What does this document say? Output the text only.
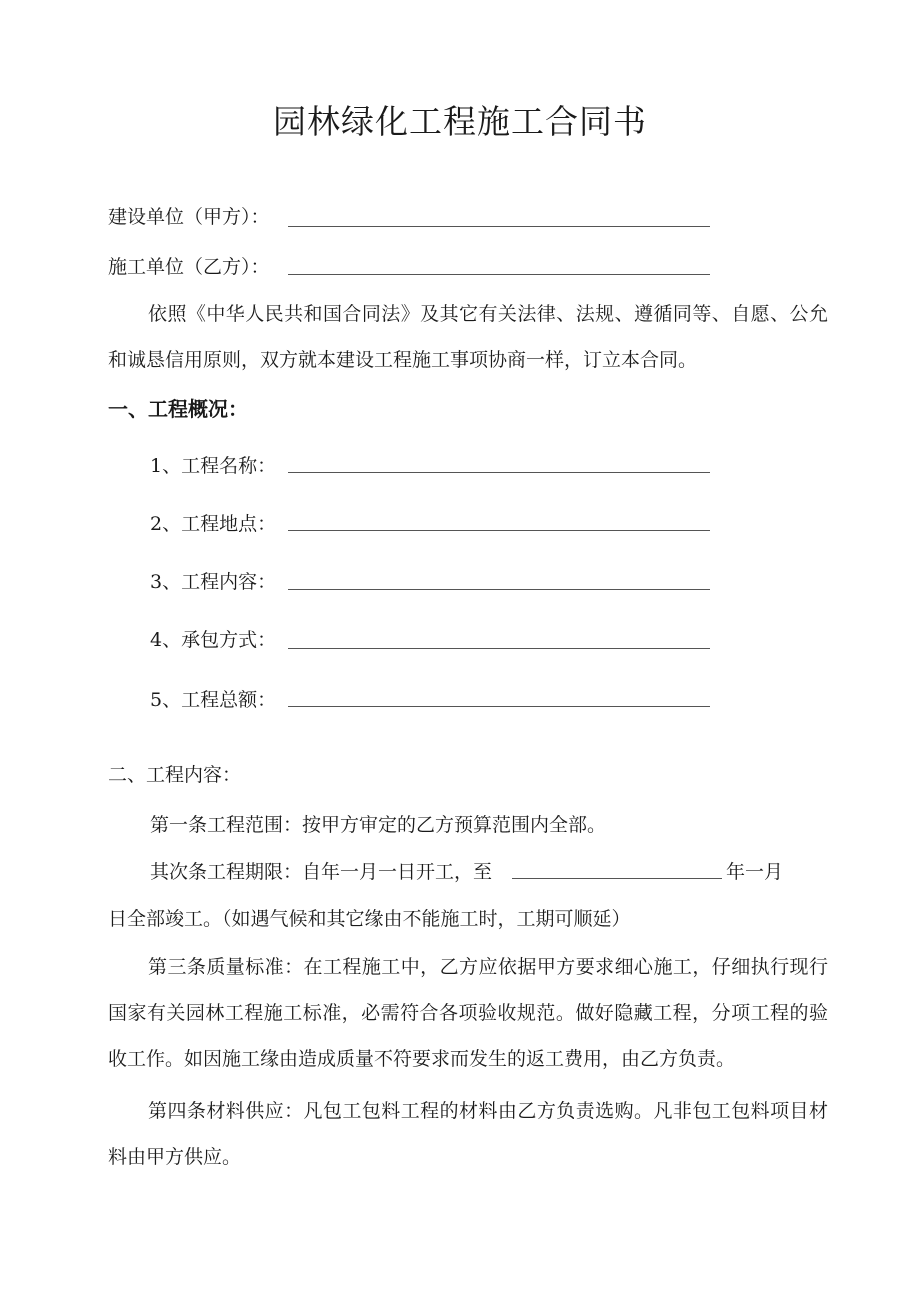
园林绿化工程施工合同书
建设单位（甲方）：
施工单位（乙方）：
依照《中华人民共和国合同法》及其它有关法律、法规、遵循同等、自愿、公允和诚恳信用原则，双方就本建设工程施工事项协商一样，订立本合同。
一、工程概况：
1、工程名称：
2、工程地点：
3、工程内容：
4、承包方式：
5、工程总额：
二、工程内容：
第一条工程范围：按甲方审定的乙方预算范围内全部。
其次条工程期限：自年一月一日开工，至	年一月
日全部竣工。（如遇气候和其它缘由不能施工时，工期可顺延）
第三条质量标准：在工程施工中，乙方应依据甲方要求细心施工，仔细执行现行国家有关园林工程施工标准，必需符合各项验收规范。做好隐藏工程，分项工程的验收工作。如因施工缘由造成质量不符要求而发生的返工费用，由乙方负责。
第四条材料供应：凡包工包料工程的材料由乙方负责选购。凡非包工包料项目材料由甲方供应。
